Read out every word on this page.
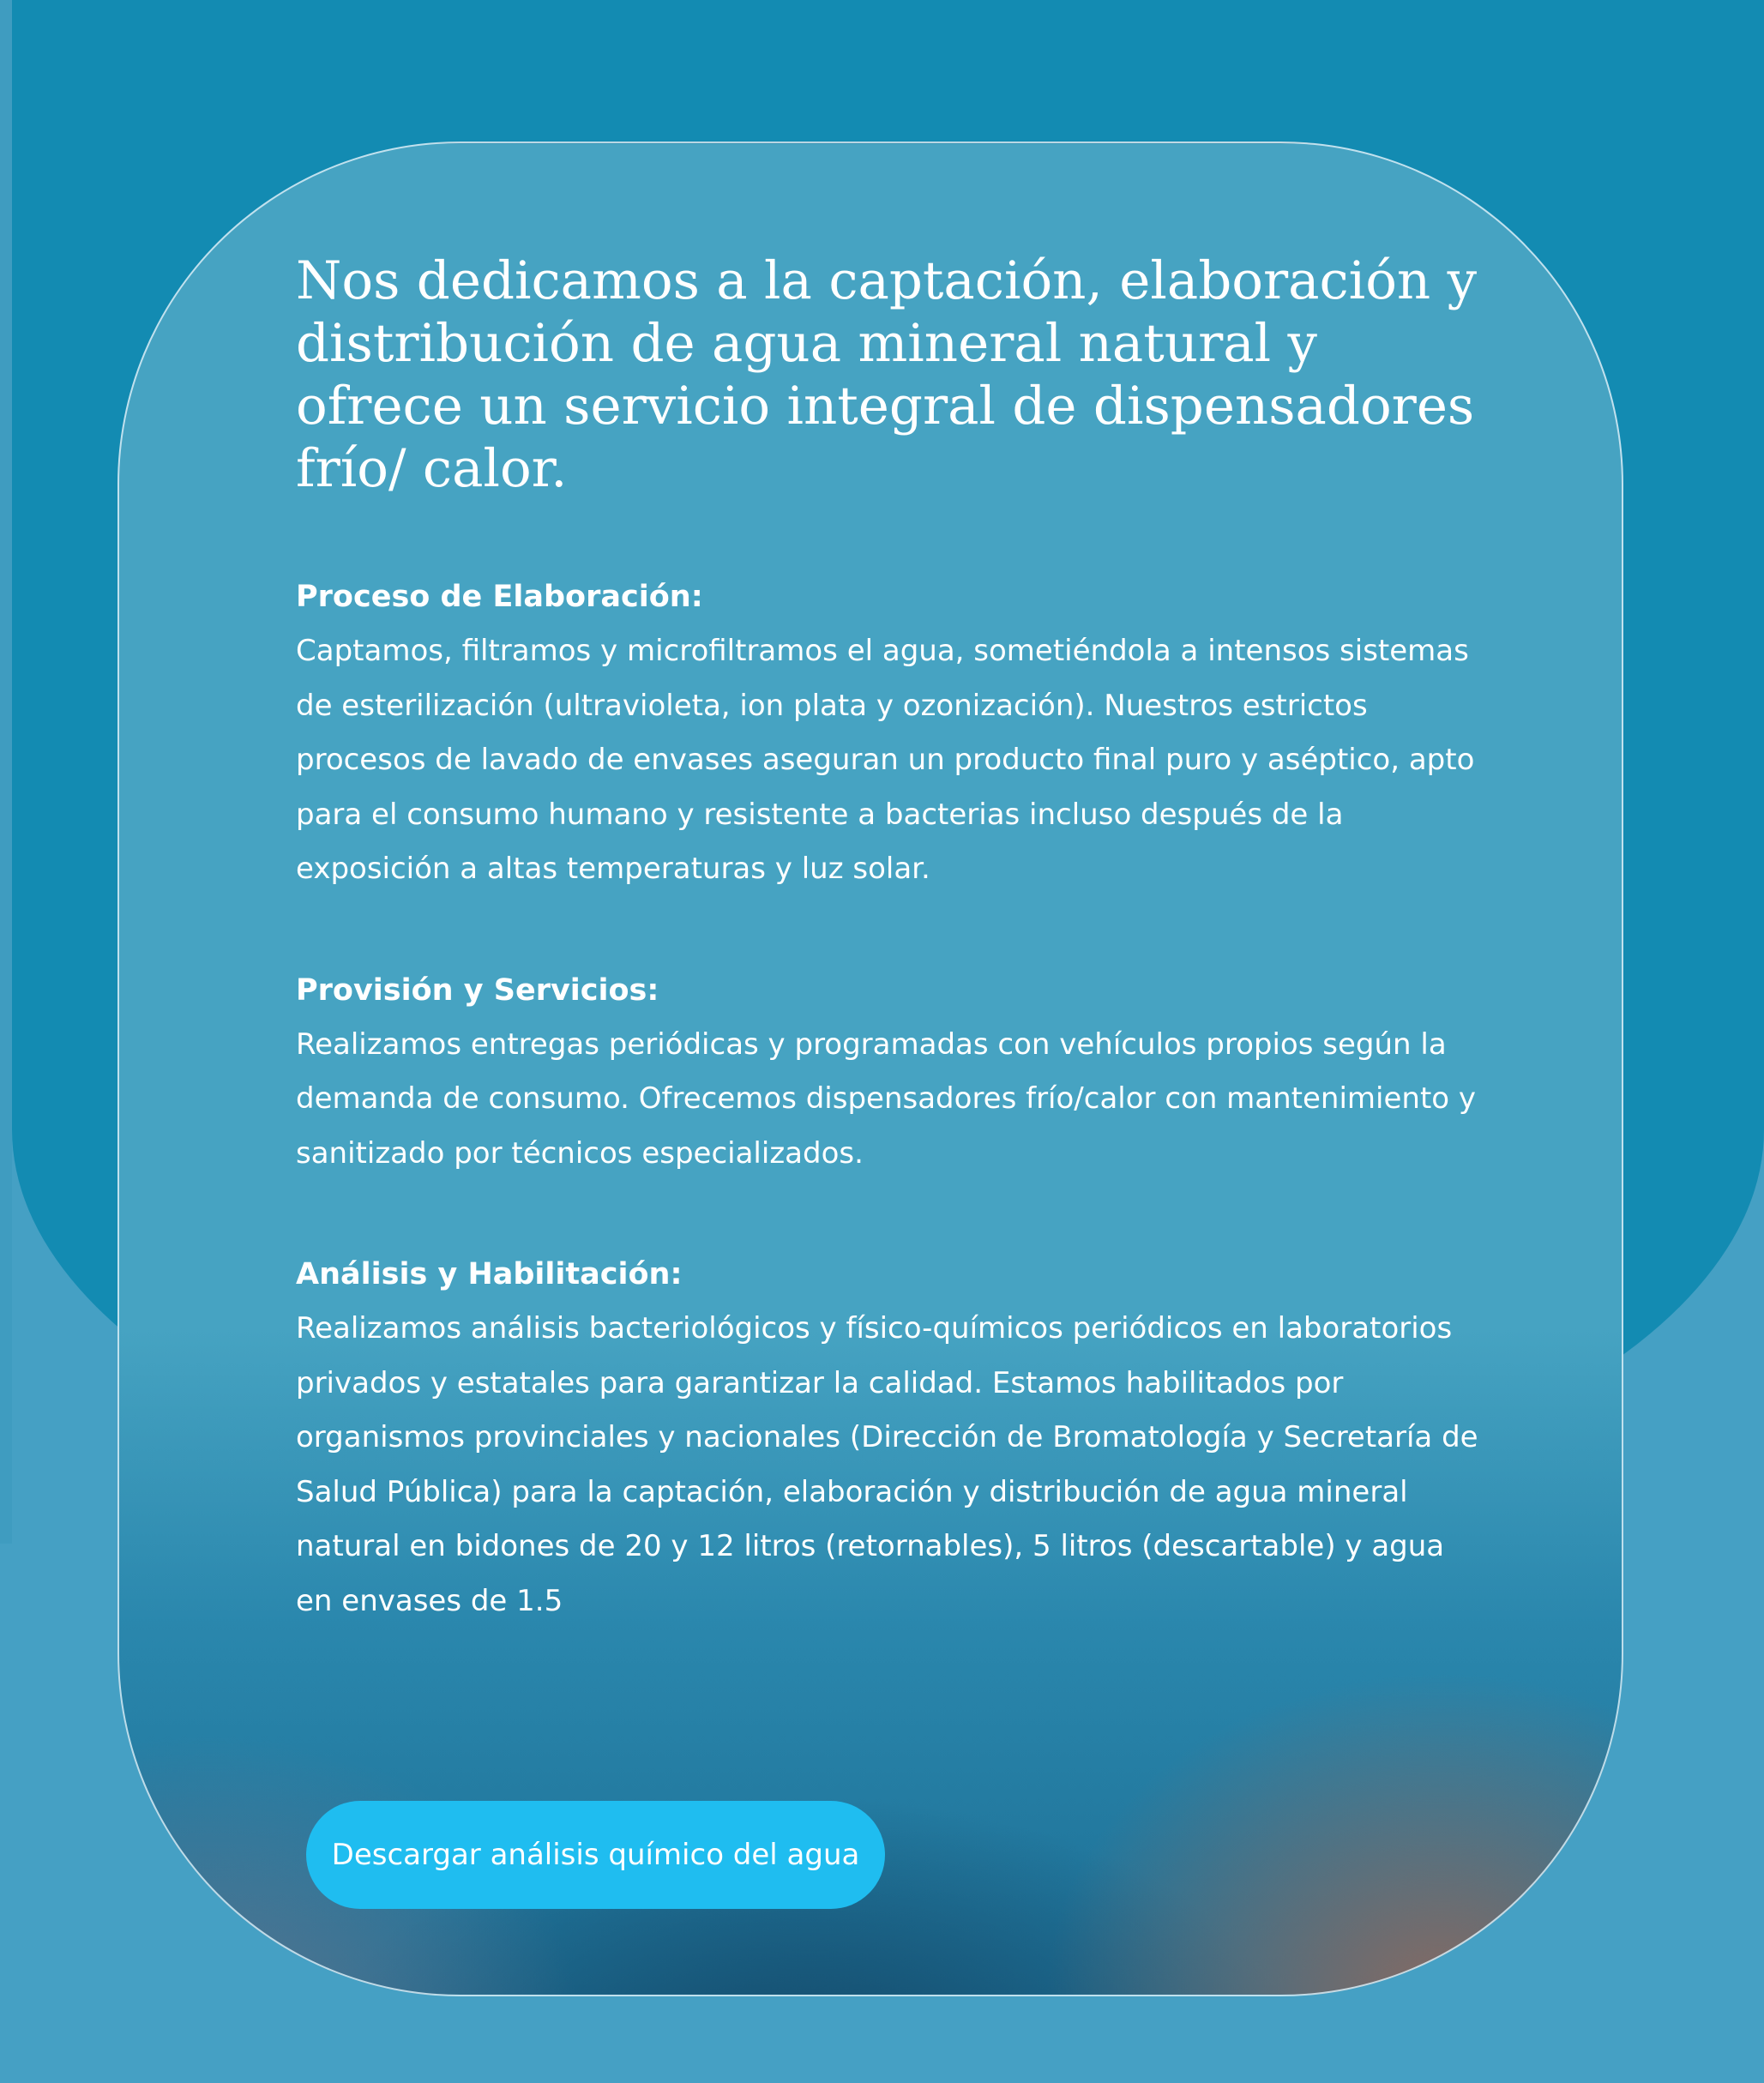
Nos dedicamos a la captación, elaboración y distribución de agua mineral natural y ofrece un servicio integral de dispensadores frío/ calor.

Proceso de Elaboración:

Captamos, filtramos y microfiltramos el agua, sometiéndola a intensos sistemas de esterilización (ultravioleta, ion plata y ozonización). Nuestros estrictos procesos de lavado de envases aseguran un producto final puro y aséptico, apto para el consumo humano y resistente a bacterias incluso después de la exposición a altas temperaturas y luz solar.

Provisión y Servicios:

Realizamos entregas periódicas y programadas con vehículos propios según la demanda de consumo. Ofrecemos dispensadores frío/calor con mantenimiento y sanitizado por técnicos especializados.

Análisis y Habilitación:

Realizamos análisis bacteriológicos y físico-químicos periódicos en laboratorios privados y estatales para garantizar la calidad. Estamos habilitados por organismos provinciales y nacionales (Dirección de Bromatología y Secretaría de Salud Pública) para la captación, elaboración y distribución de agua mineral natural en bidones de 20 y 12 litros (retornables), 5 litros (descartable) y agua en envases de 1.5

Descargar análisis químico del agua
